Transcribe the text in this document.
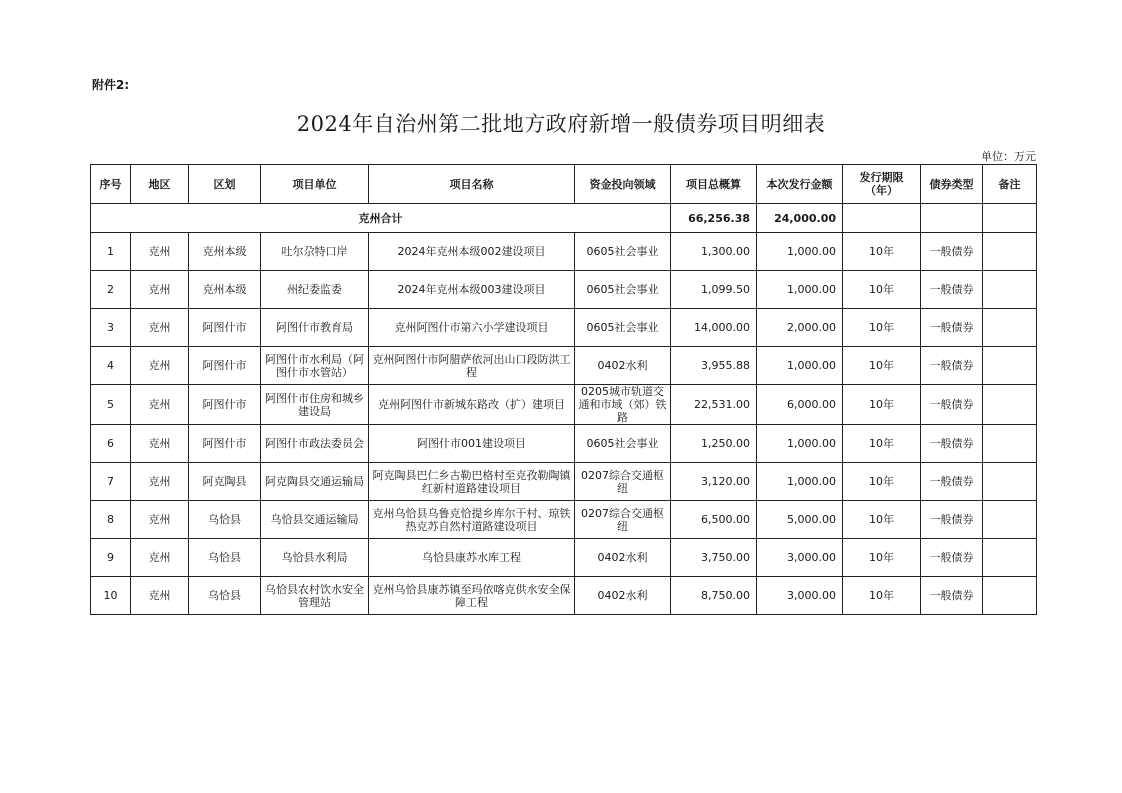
附件2:
2024年自治州第二批地方政府新增一般债券项目明细表
单位：万元
序号	地区	区划	项目单位	项目名称	资金投向领域	项目总概算	本次发行金额	发行期限（年）	债券类型	备注
克州合计						66,256.38	24,000.00			
1	克州	克州本级	吐尔尕特口岸	2024年克州本级002建设项目	0605社会事业	1,300.00	1,000.00	10年	一般债券	
2	克州	克州本级	州纪委监委	2024年克州本级003建设项目	0605社会事业	1,099.50	1,000.00	10年	一般债券	
3	克州	阿图什市	阿图什市教育局	克州阿图什市第六小学建设项目	0605社会事业	14,000.00	2,000.00	10年	一般债券	
4	克州	阿图什市	阿图什市水利局（阿图什市水管站）	克州阿图什市阿腊萨依河出山口段防洪工程	0402水利	3,955.88	1,000.00	10年	一般债券	
5	克州	阿图什市	阿图什市住房和城乡建设局	克州阿图什市新城东路改（扩）建项目	0205城市轨道交通和市域（郊）铁路	22,531.00	6,000.00	10年	一般债券	
6	克州	阿图什市	阿图什市政法委员会	阿图什市001建设项目	0605社会事业	1,250.00	1,000.00	10年	一般债券	
7	克州	阿克陶县	阿克陶县交通运输局	阿克陶县巴仁乡古勒巴格村至克孜勒陶镇红新村道路建设项目	0207综合交通枢纽	3,120.00	1,000.00	10年	一般债券	
8	克州	乌恰县	乌恰县交通运输局	克州乌恰县乌鲁克恰提乡库尔干村、琼铁热克苏自然村道路建设项目	0207综合交通枢纽	6,500.00	5,000.00	10年	一般债券	
9	克州	乌恰县	乌恰县水利局	乌恰县康苏水库工程	0402水利	3,750.00	3,000.00	10年	一般债券	
10	克州	乌恰县	乌恰县农村饮水安全管理站	克州乌恰县康苏镇至玛依喀克供水安全保障工程	0402水利	8,750.00	3,000.00	10年	一般债券	
